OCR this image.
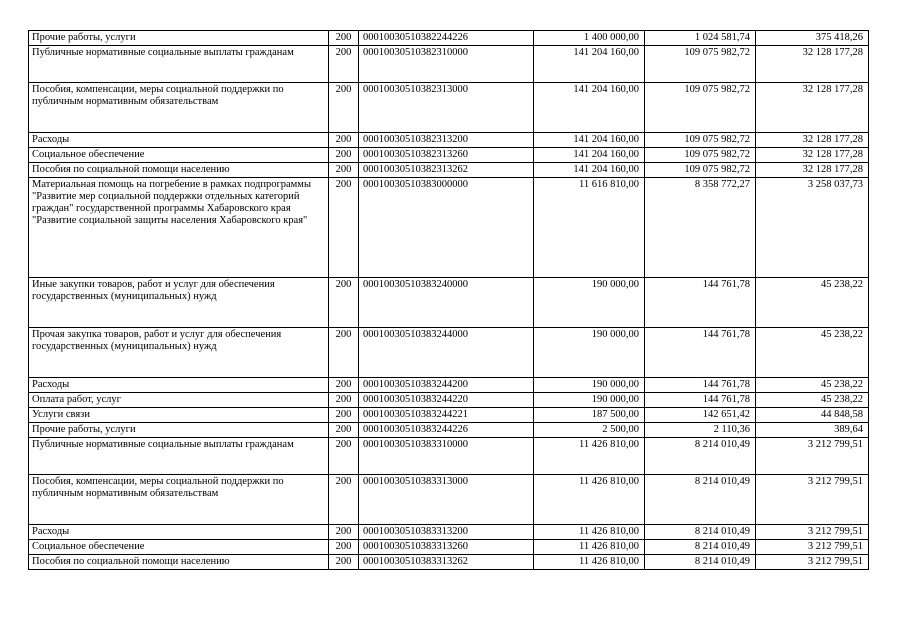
Прочие работы, услуги	200	00010030510382244226	1 400 000,00	1 024 581,74	375 418,26
Публичные нормативные социальные выплаты гражданам	200	00010030510382310000	141 204 160,00	109 075 982,72	32 128 177,28
Пособия, компенсации, меры социальной поддержки по публичным нормативным обязательствам	200	00010030510382313000	141 204 160,00	109 075 982,72	32 128 177,28
Расходы	200	00010030510382313200	141 204 160,00	109 075 982,72	32 128 177,28
Социальное обеспечение	200	00010030510382313260	141 204 160,00	109 075 982,72	32 128 177,28
Пособия по социальной помощи населению	200	00010030510382313262	141 204 160,00	109 075 982,72	32 128 177,28
Материальная помощь на погребение в рамках подпрограммы "Развитие мер социальной поддержки отдельных категорий граждан" государственной программы Хабаровского края "Развитие социальной защиты населения Хабаровского края"	200	00010030510383000000	11 616 810,00	8 358 772,27	3 258 037,73
Иные закупки товаров, работ и услуг для обеспечения государственных (муниципальных) нужд	200	00010030510383240000	190 000,00	144 761,78	45 238,22
Прочая закупка товаров, работ и услуг для обеспечения государственных (муниципальных) нужд	200	00010030510383244000	190 000,00	144 761,78	45 238,22
Расходы	200	00010030510383244200	190 000,00	144 761,78	45 238,22
Оплата работ, услуг	200	00010030510383244220	190 000,00	144 761,78	45 238,22
Услуги связи	200	00010030510383244221	187 500,00	142 651,42	44 848,58
Прочие работы, услуги	200	00010030510383244226	2 500,00	2 110,36	389,64
Публичные нормативные социальные выплаты гражданам	200	00010030510383310000	11 426 810,00	8 214 010,49	3 212 799,51
Пособия, компенсации, меры социальной поддержки по публичным нормативным обязательствам	200	00010030510383313000	11 426 810,00	8 214 010,49	3 212 799,51
Расходы	200	00010030510383313200	11 426 810,00	8 214 010,49	3 212 799,51
Социальное обеспечение	200	00010030510383313260	11 426 810,00	8 214 010,49	3 212 799,51
Пособия по социальной помощи населению	200	00010030510383313262	11 426 810,00	8 214 010,49	3 212 799,51
